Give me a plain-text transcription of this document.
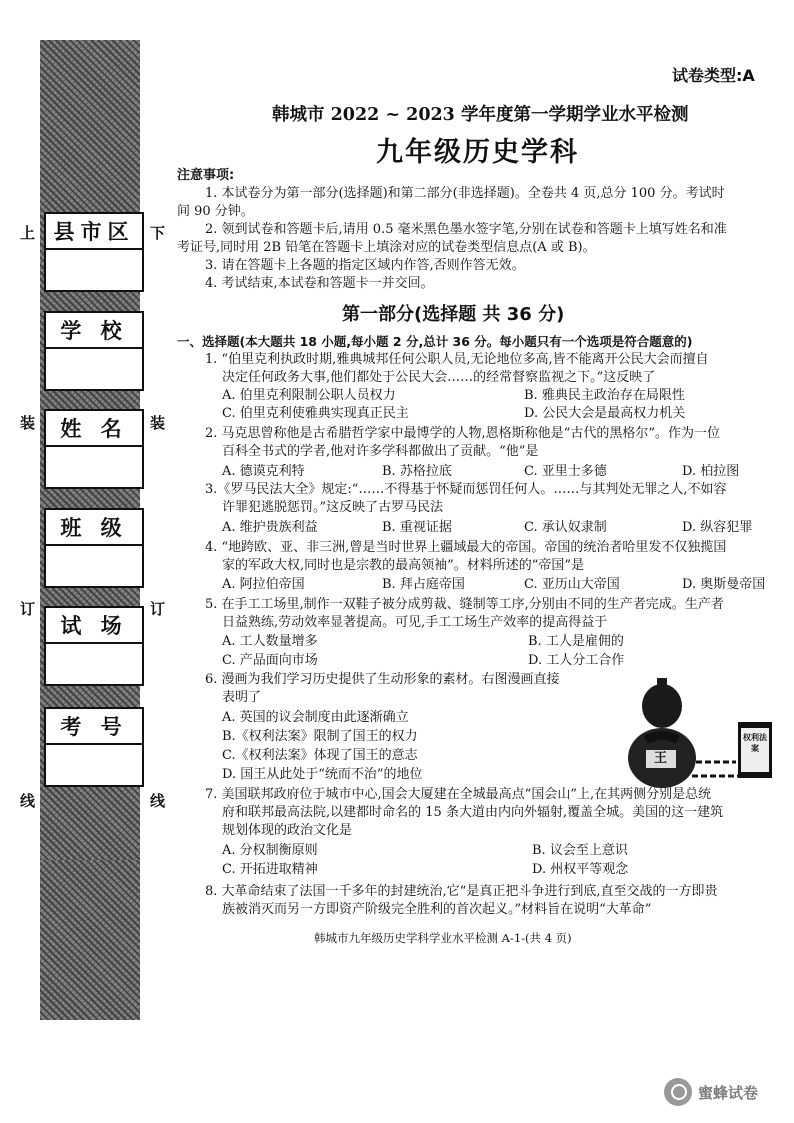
县市区
学 校
姓 名
班 级
试 场
考 号
上
装
订
线
下
装
订
线
试卷类型:A
韩城市 2022 ~ 2023 学年度第一学期学业水平检测
九年级历史学科
注意事项:
1. 本试卷分为第一部分(选择题)和第二部分(非选择题)。全卷共 4 页,总分 100 分。考试时
间 90 分钟。
2. 领到试卷和答题卡后,请用 0.5 毫米黑色墨水签字笔,分别在试卷和答题卡上填写姓名和准
考证号,同时用 2B 铅笔在答题卡上填涂对应的试卷类型信息点(A 或 B)。
3. 请在答题卡上各题的指定区域内作答,否则作答无效。
4. 考试结束,本试卷和答题卡一并交回。
第一部分(选择题 共 36 分)
一、选择题(本大题共 18 小题,每小题 2 分,总计 36 分。每小题只有一个选项是符合题意的)
1. “伯里克利执政时期,雅典城邦任何公职人员,无论地位多高,皆不能离开公民大会而擅自
决定任何政务大事,他们都处于公民大会……的经常督察监视之下。”这反映了
A. 伯里克利限制公职人员权力	B. 雅典民主政治存在局限性
C. 伯里克利使雅典实现真正民主	D. 公民大会是最高权力机关
2. 马克思曾称他是古希腊哲学家中最博学的人物,恩格斯称他是“古代的黑格尔”。作为一位
百科全书式的学者,他对许多学科都做出了贡献。“他”是
A. 德谟克利特	B. 苏格拉底	C. 亚里士多德	D. 柏拉图
3.《罗马民法大全》规定:“……不得基于怀疑而惩罚任何人。……与其判处无罪之人,不如容
许罪犯逃脱惩罚。”这反映了古罗马民法
A. 维护贵族利益	B. 重视证据	C. 承认奴隶制	D. 纵容犯罪
4. “地跨欧、亚、非三洲,曾是当时世界上疆域最大的帝国。帝国的统治者哈里发不仅独揽国
家的军政大权,同时也是宗教的最高领袖”。材料所述的“帝国”是
A. 阿拉伯帝国	B. 拜占庭帝国	C. 亚历山大帝国	D. 奥斯曼帝国
5. 在手工工场里,制作一双鞋子被分成剪裁、缝制等工序,分别由不同的生产者完成。生产者
日益熟练,劳动效率显著提高。可见,手工工场生产效率的提高得益于
A. 工人数量增多	B. 工人是雇佣的
C. 产品面向市场	D. 工人分工合作
6. 漫画为我们学习历史提供了生动形象的素材。右图漫画直接
表明了
A. 英国的议会制度由此逐渐确立
B.《权利法案》限制了国王的权力
C.《权利法案》体现了国王的意志
D. 国王从此处于“统而不治”的地位
王
权利法案
7. 美国联邦政府位于城市中心,国会大厦建在全城最高点“国会山”上,在其两侧分别是总统
府和联邦最高法院,以建都时命名的 15 条大道由内向外辐射,覆盖全城。美国的这一建筑
规划体现的政治文化是
A. 分权制衡原则	B. 议会至上意识
C. 开拓进取精神	D. 州权平等观念
8. 大革命结束了法国一千多年的封建统治,它“是真正把斗争进行到底,直至交战的一方即贵
族被消灭而另一方即资产阶级完全胜利的首次起义。”材料旨在说明“大革命”
韩城市九年级历史学科学业水平检测 A-1-(共 4 页)
蜜蜂试卷
